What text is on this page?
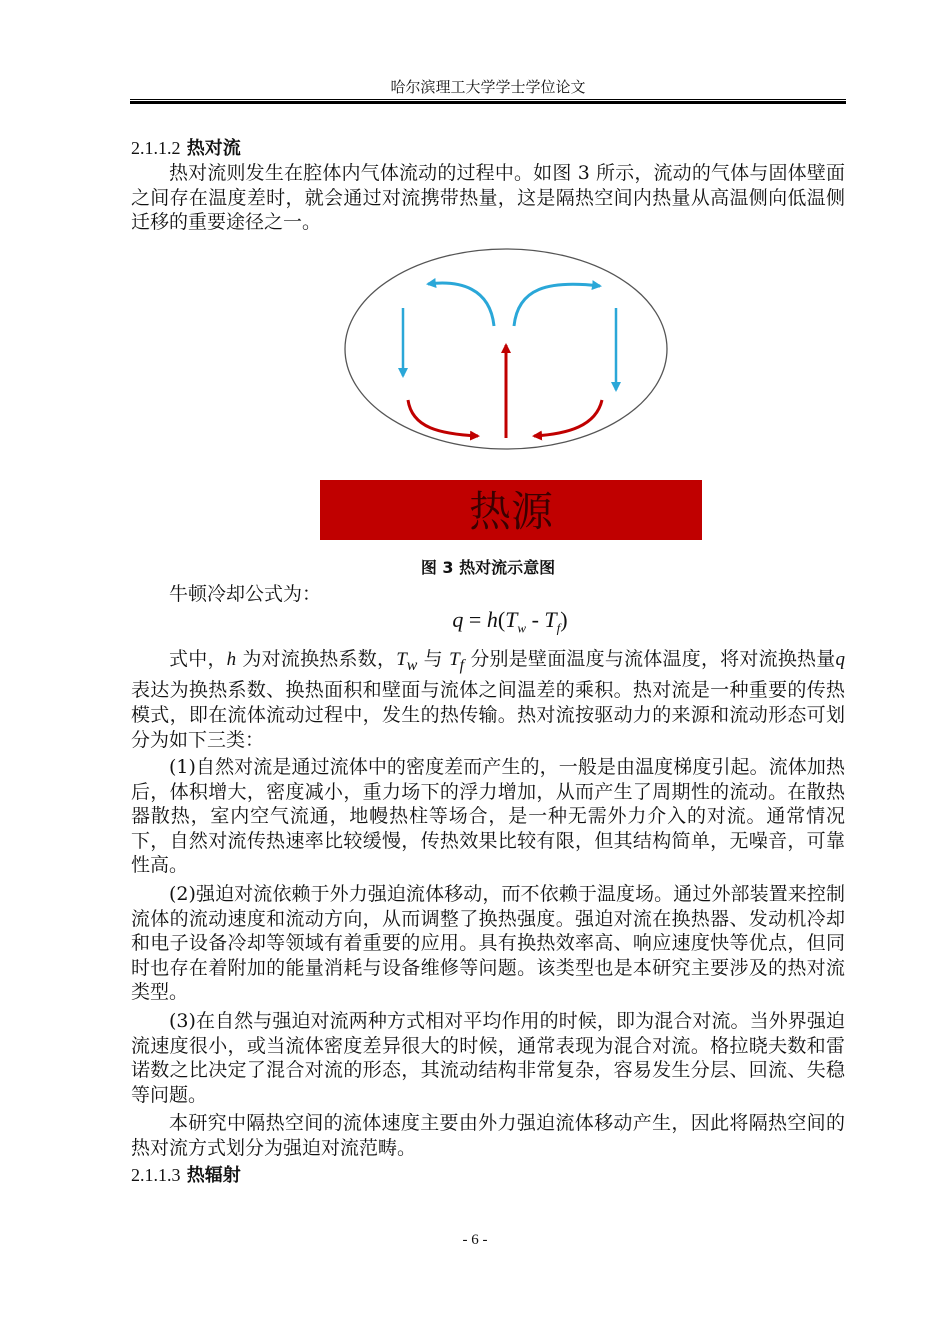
哈尔滨理工大学学士学位论文
2.1.1.2 热对流

热对流则发生在腔体内气体流动的过程中。如图 3 所示，流动的气体与固体壁面之间存在温度差时，就会通过对流携带热量，这是隔热空间内热量从高温侧向低温侧迁移的重要途径之一。

热源
图 3 热对流示意图

牛顿冷却公式为：

$q = h(T_w - T_f)$

式中，h 为对流换热系数，$T_w$ 与 $T_f$ 分别是壁面温度与流体温度，将对流换热量q表达为换热系数、换热面积和壁面与流体之间温差的乘积。热对流是一种重要的传热模式，即在流体流动过程中，发生的热传输。热对流按驱动力的来源和流动形态可划分为如下三类：

(1)自然对流是通过流体中的密度差而产生的，一般是由温度梯度引起。流体加热后，体积增大，密度减小，重力场下的浮力增加，从而产生了周期性的流动。在散热器散热，室内空气流通，地幔热柱等场合，是一种无需外力介入的对流。通常情况下，自然对流传热速率比较缓慢，传热效果比较有限，但其结构简单，无噪音，可靠性高。

(2)强迫对流依赖于外力强迫流体移动，而不依赖于温度场。通过外部装置来控制流体的流动速度和流动方向，从而调整了换热强度。强迫对流在换热器、发动机冷却和电子设备冷却等领域有着重要的应用。具有换热效率高、响应速度快等优点，但同时也存在着附加的能量消耗与设备维修等问题。该类型也是本研究主要涉及的热对流类型。

(3)在自然与强迫对流两种方式相对平均作用的时候，即为混合对流。当外界强迫流速度很小，或当流体密度差异很大的时候，通常表现为混合对流。格拉晓夫数和雷诺数之比决定了混合对流的形态，其流动结构非常复杂，容易发生分层、回流、失稳等问题。

本研究中隔热空间的流体速度主要由外力强迫流体移动产生，因此将隔热空间的热对流方式划分为强迫对流范畴。

2.1.1.3 热辐射
- 6 -
